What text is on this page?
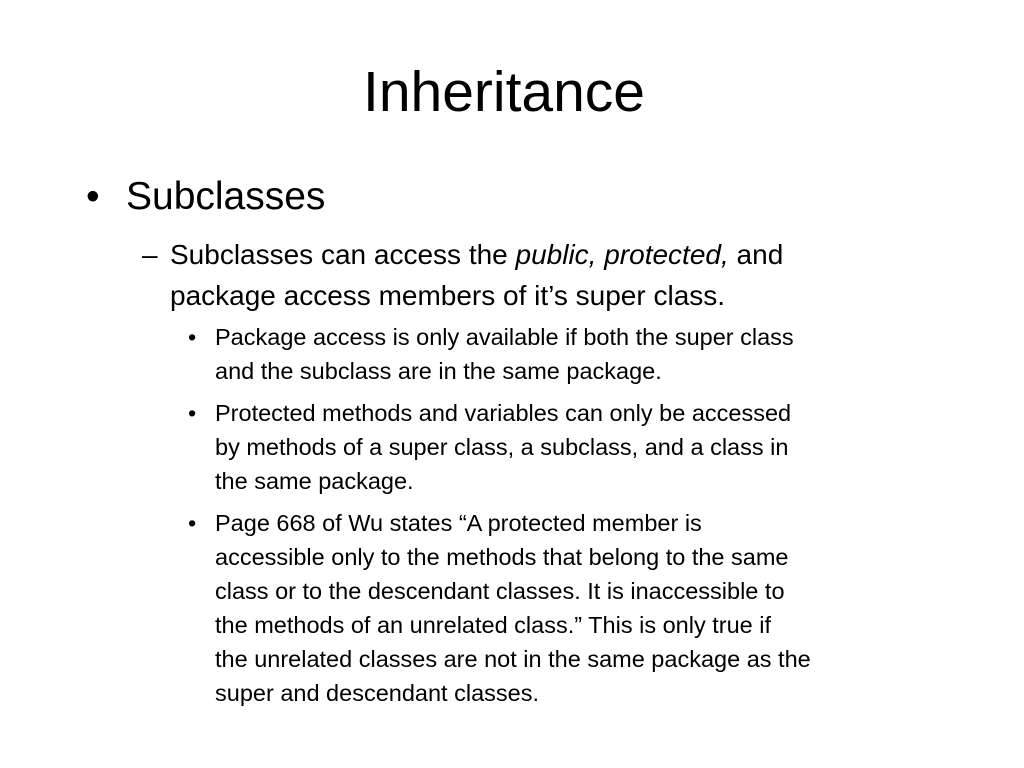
Inheritance
• Subclasses
– Subclasses can access the public, protected, and
package access members of it’s super class.
• Package access is only available if both the super class
and the subclass are in the same package.
• Protected methods and variables can only be accessed
by methods of a super class, a subclass, and a class in
the same package.
• Page 668 of Wu states “A protected member is
accessible only to the methods that belong to the same
class or to the descendant classes. It is inaccessible to
the methods of an unrelated class.” This is only true if
the unrelated classes are not in the same package as the
super and descendant classes.
